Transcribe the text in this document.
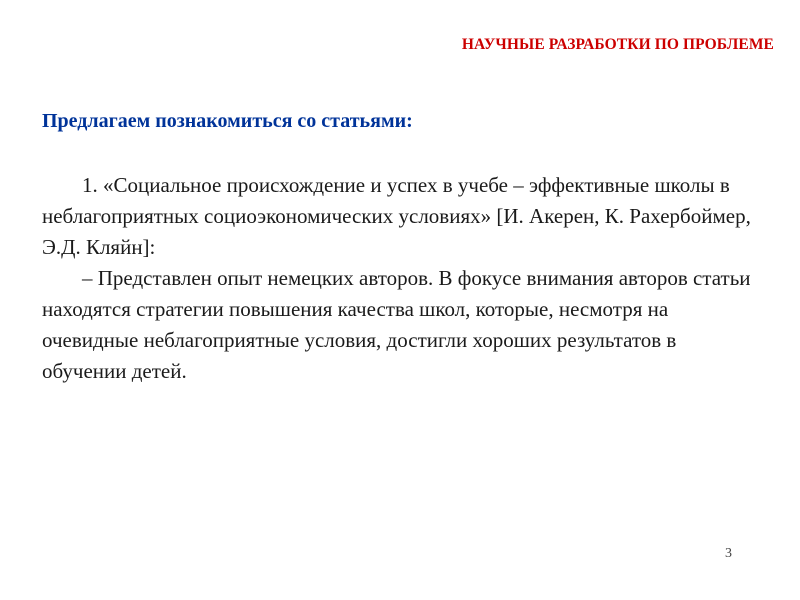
НАУЧНЫЕ РАЗРАБОТКИ ПО ПРОБЛЕМЕ
Предлагаем познакомиться со статьями:

1. «Социальное происхождение и успех в учебе – эффективные школы в неблагоприятных социоэкономических условиях» [И. Акерен, К. Рахербоймер, Э.Д. Кляйн]:

– Представлен опыт немецких авторов. В фокусе внимания авторов статьи находятся стратегии повышения качества школ, которые, несмотря на очевидные неблагоприятные условия, достигли хороших результатов в обучении детей.

3
